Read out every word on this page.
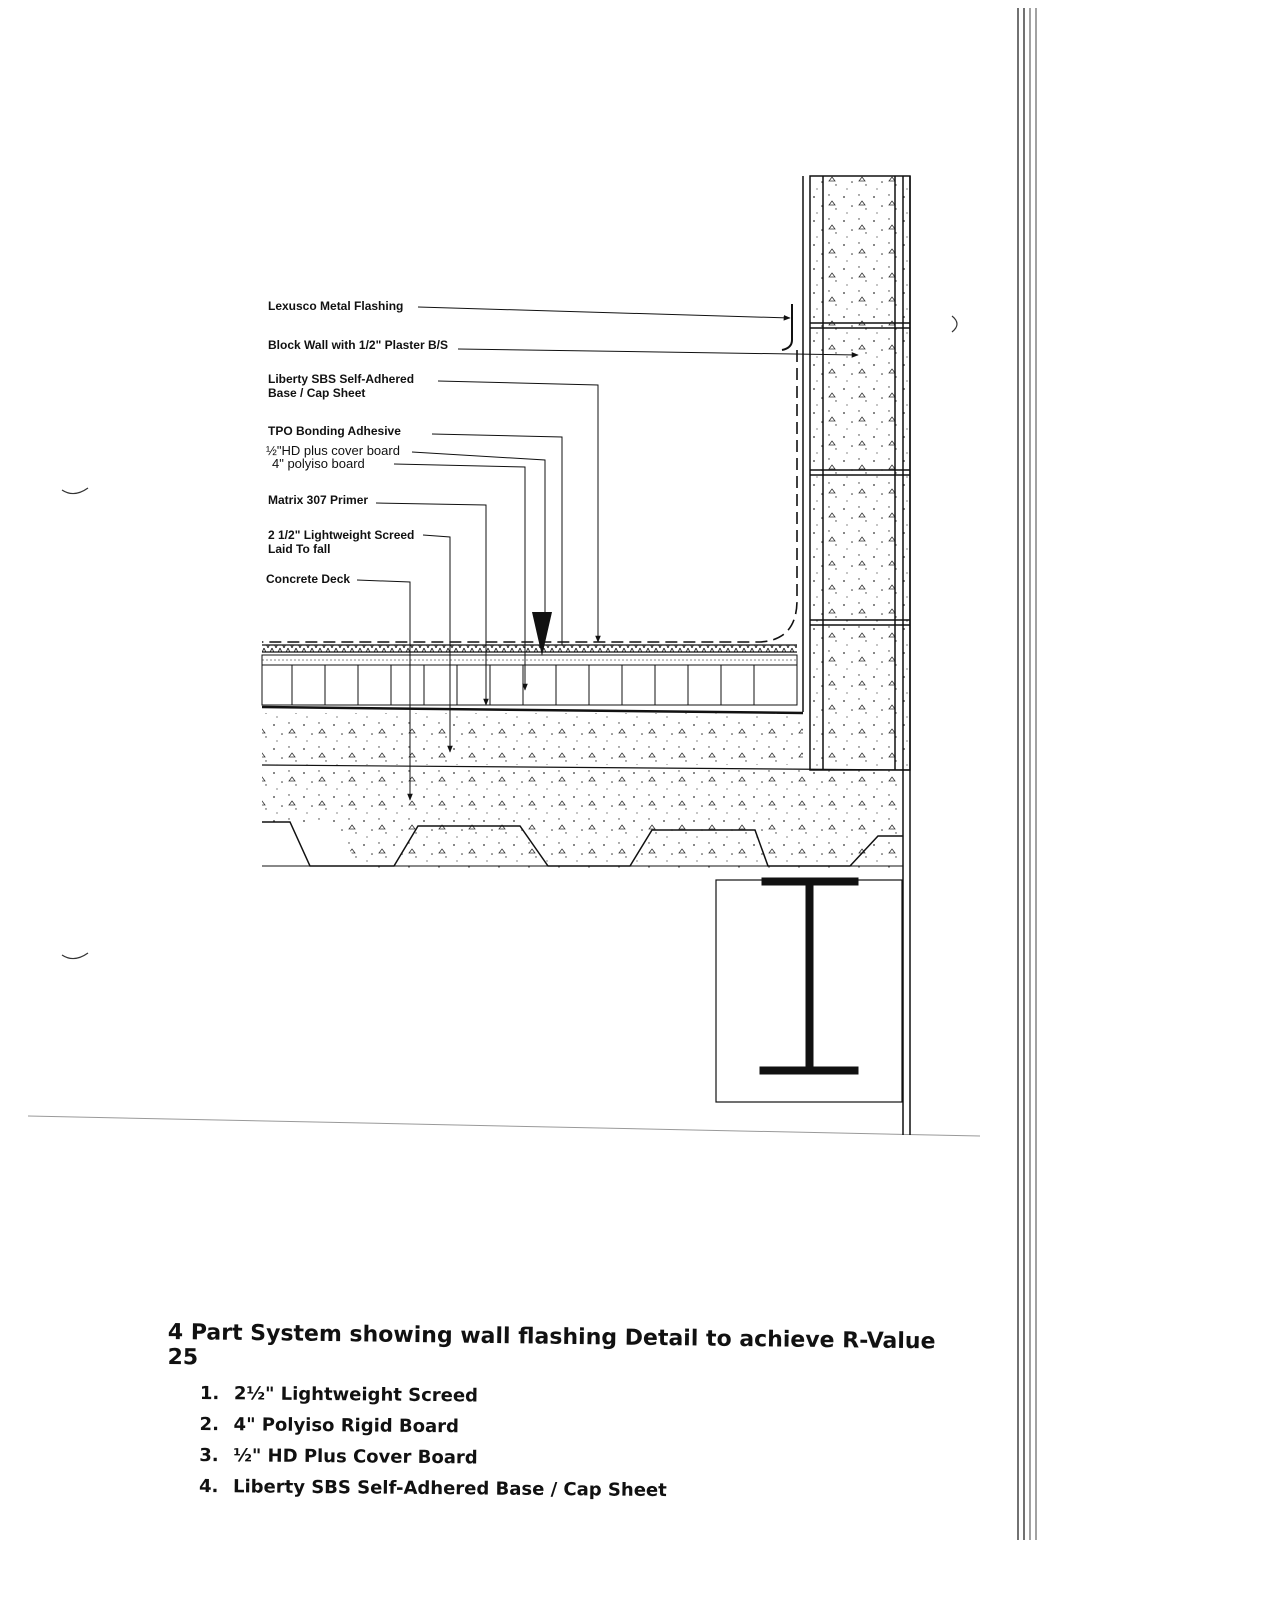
Lexusco Metal Flashing
Block Wall with 1/2" Plaster B/S
Liberty SBS Self-Adhered
Base / Cap Sheet
TPO Bonding Adhesive
½"HD plus cover board
4" polyiso board
Matrix 307 Primer
2 1/2" Lightweight Screed
Laid To fall
Concrete Deck
4 Part System showing wall flashing Detail to achieve R-Value 25
1. 2½" Lightweight Screed
2. 4" Polyiso Rigid Board
3. ½" HD Plus Cover Board
4. Liberty SBS Self-Adhered Base / Cap Sheet
